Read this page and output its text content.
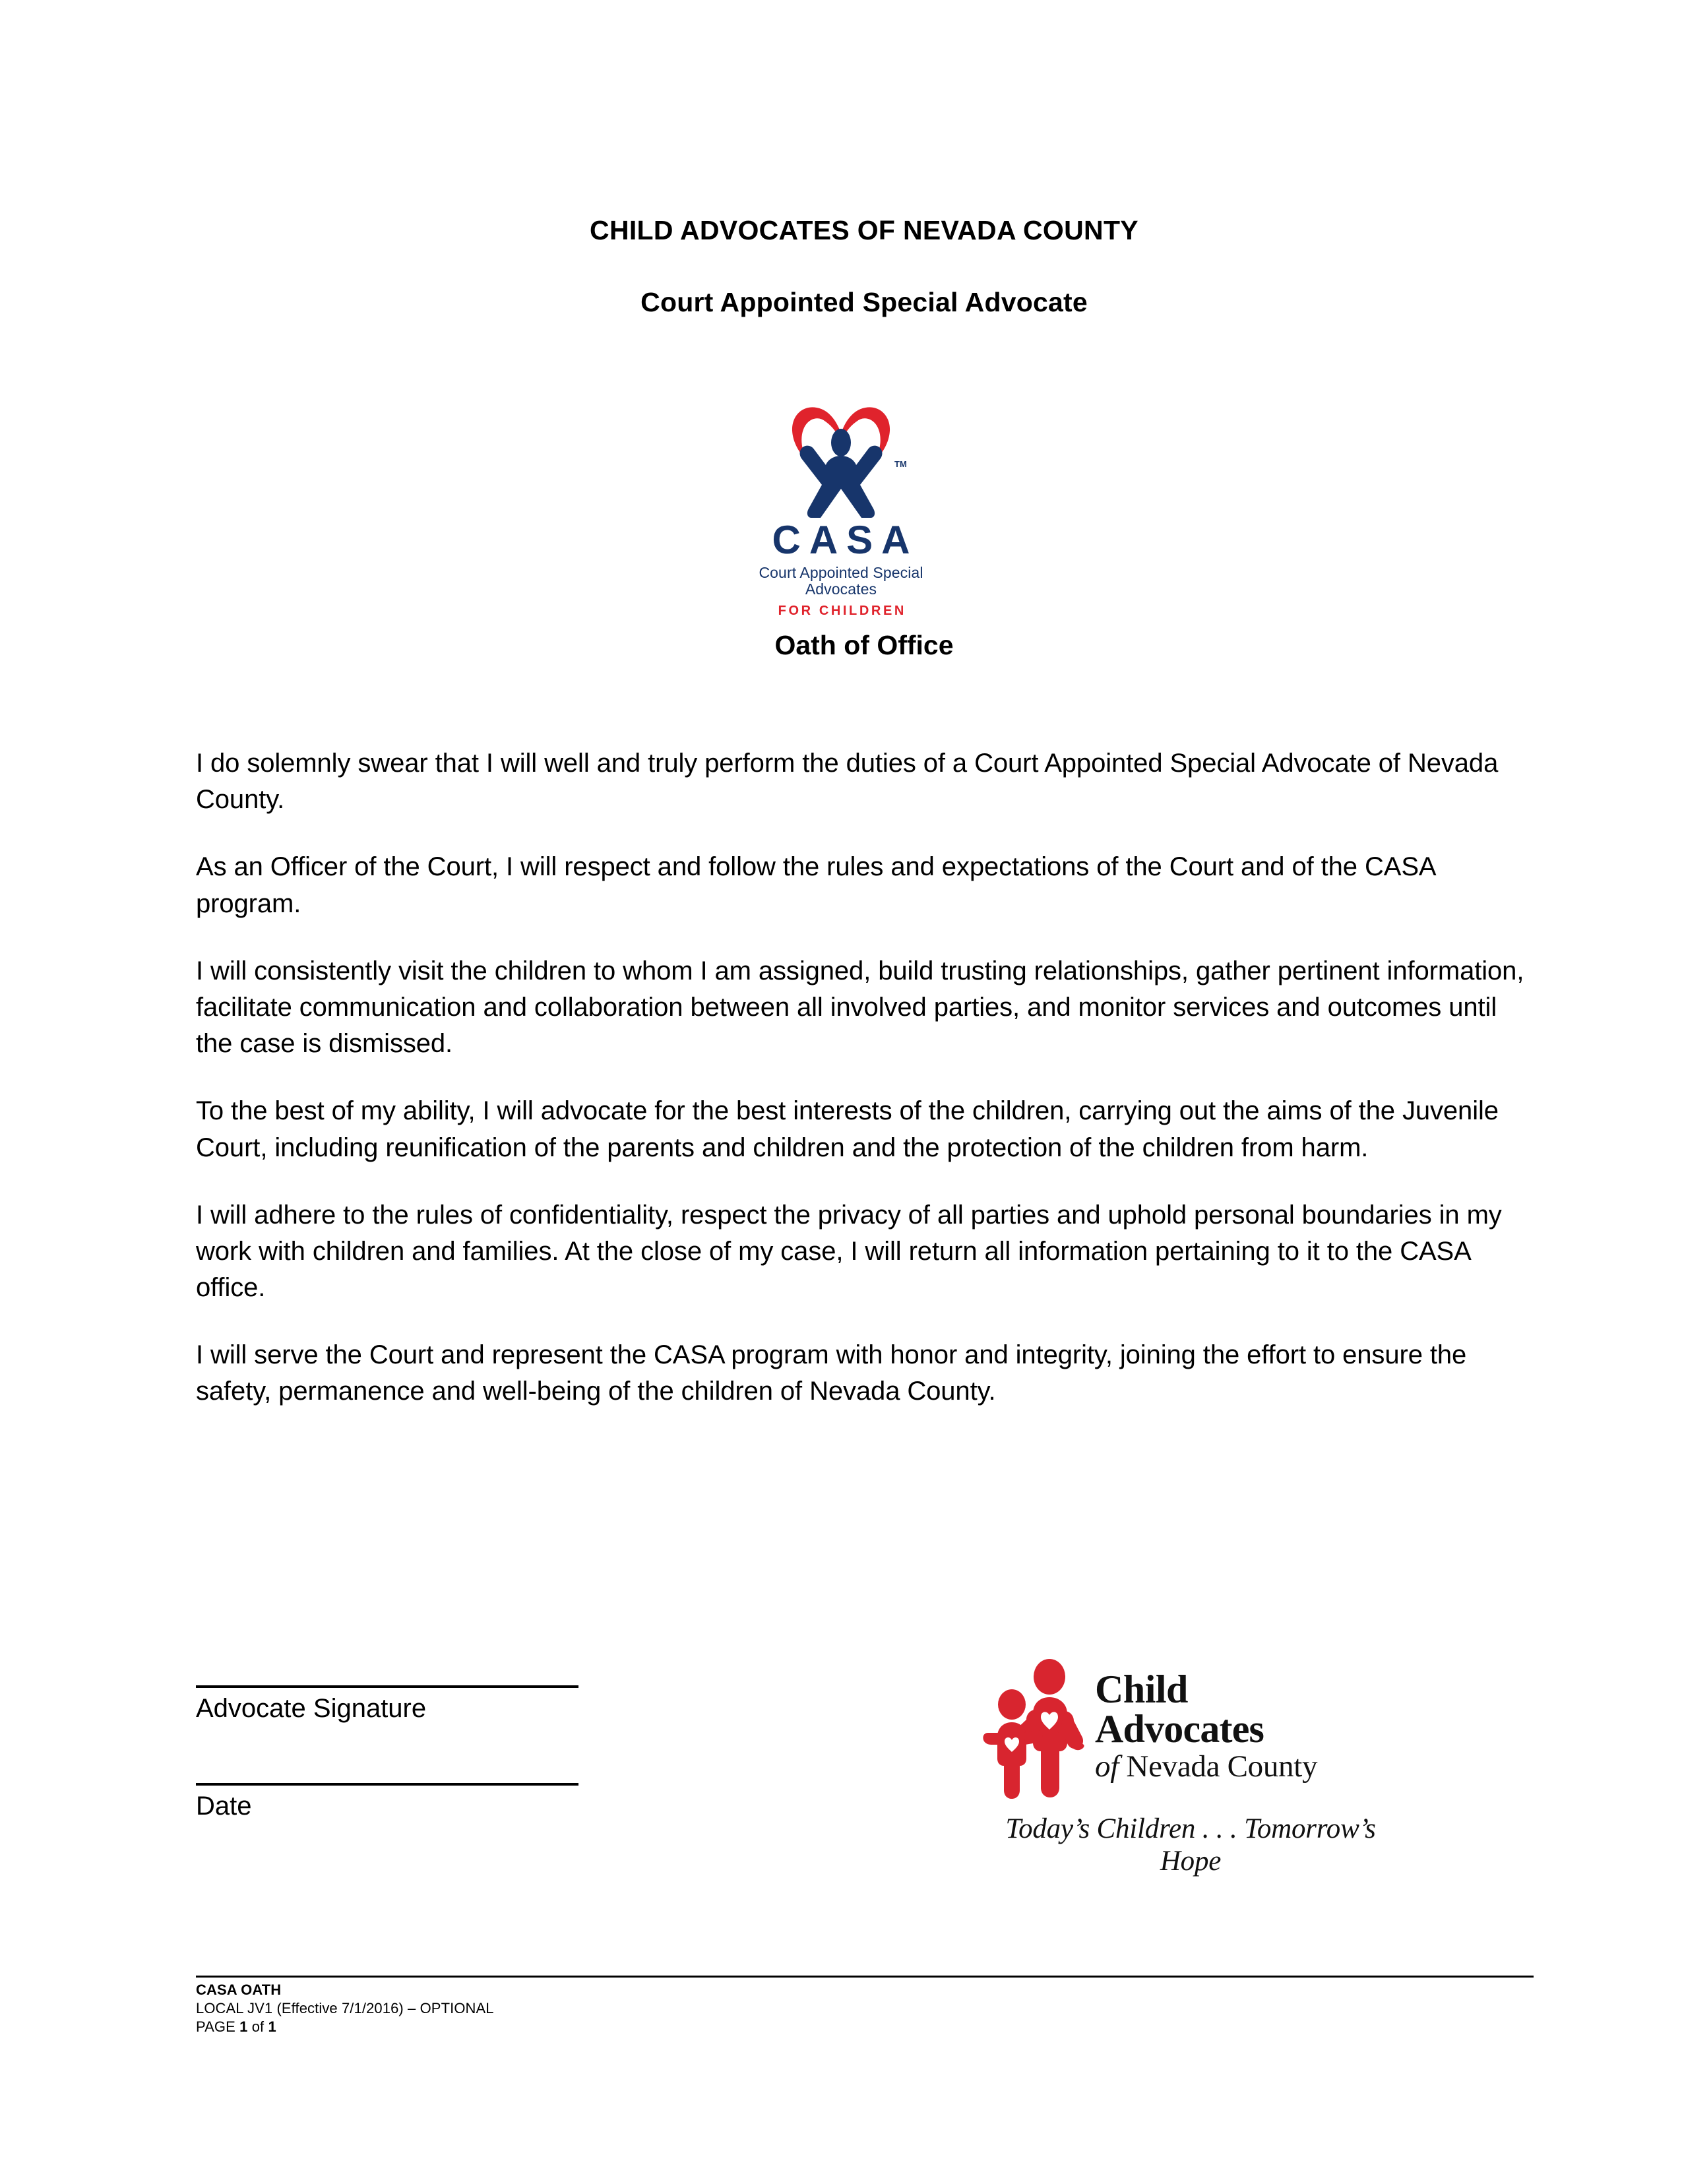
CHILD ADVOCATES OF NEVADA COUNTY
Court Appointed Special Advocate
TM
CASA
Court Appointed Special Advocates
FOR CHILDREN
Oath of Office

I do solemnly swear that I will well and truly perform the duties of a Court Appointed Special Advocate of Nevada County.

As an Officer of the Court, I will respect and follow the rules and expectations of the Court and of the CASA program.

I will consistently visit the children to whom I am assigned, build trusting relationships, gather pertinent information, facilitate communication and collaboration between all involved parties, and monitor services and outcomes until the case is dismissed.

To the best of my ability, I will advocate for the best interests of the children, carrying out the aims of the Juvenile Court, including reunification of the parents and children and the protection of the children from harm.

I will adhere to the rules of confidentiality, respect the privacy of all parties and uphold personal boundaries in my work with children and families. At the close of my case, I will return all information pertaining to it to the CASA office.

I will serve the Court and represent the CASA program with honor and integrity, joining the effort to ensure the safety, permanence and well-being of the children of Nevada County.

Advocate Signature
Date
Child
Advocates
of Nevada County
Today’s Children . . . Tomorrow’s Hope
CASA OATH
LOCAL JV1 (Effective 7/1/2016) – OPTIONAL
PAGE 1 of 1
